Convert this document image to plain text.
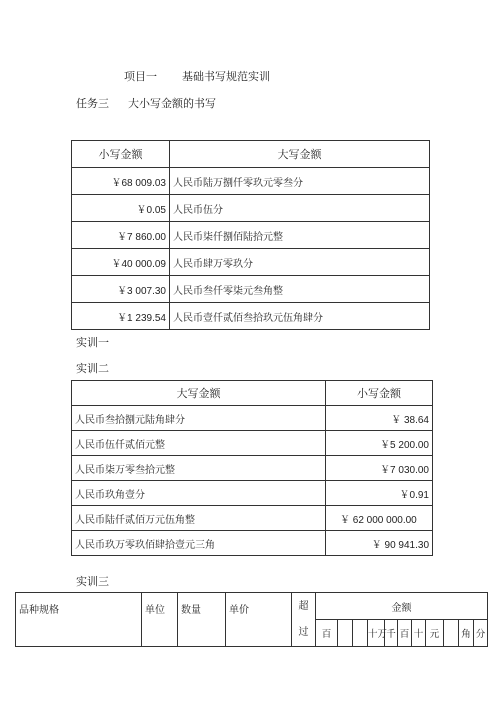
项目一 基础书写规范实训
任务三 大小写金额的书写
小写金额	大写金额
￥68 009.03	人民币陆万捌仟零玖元零叁分
￥0.05	人民币伍分
￥7 860.00	人民币柒仟捌佰陆拾元整
￥40 000.09	人民币肆万零玖分
￥3 007.30	人民币叁仟零柒元叁角整
￥1 239.54	人民币壹仟贰佰叁拾玖元伍角肆分
实训一
实训二
大写金额	小写金额
人民币叁拾捌元陆角肆分	￥ 38.64
人民币伍仟贰佰元整	￥5 200.00
人民币柒万零叁拾元整	￥7 030.00
人民币玖角壹分	￥0.91
人民币陆仟贰佰万元伍角整	￥ 62 000 000.00
人民币玖万零玖佰肆拾壹元三角	￥ 90 941.30
实训三
品种规格	单位	数量	单价	超过	金额										
					百			十万	千	百	十	元		角	分
